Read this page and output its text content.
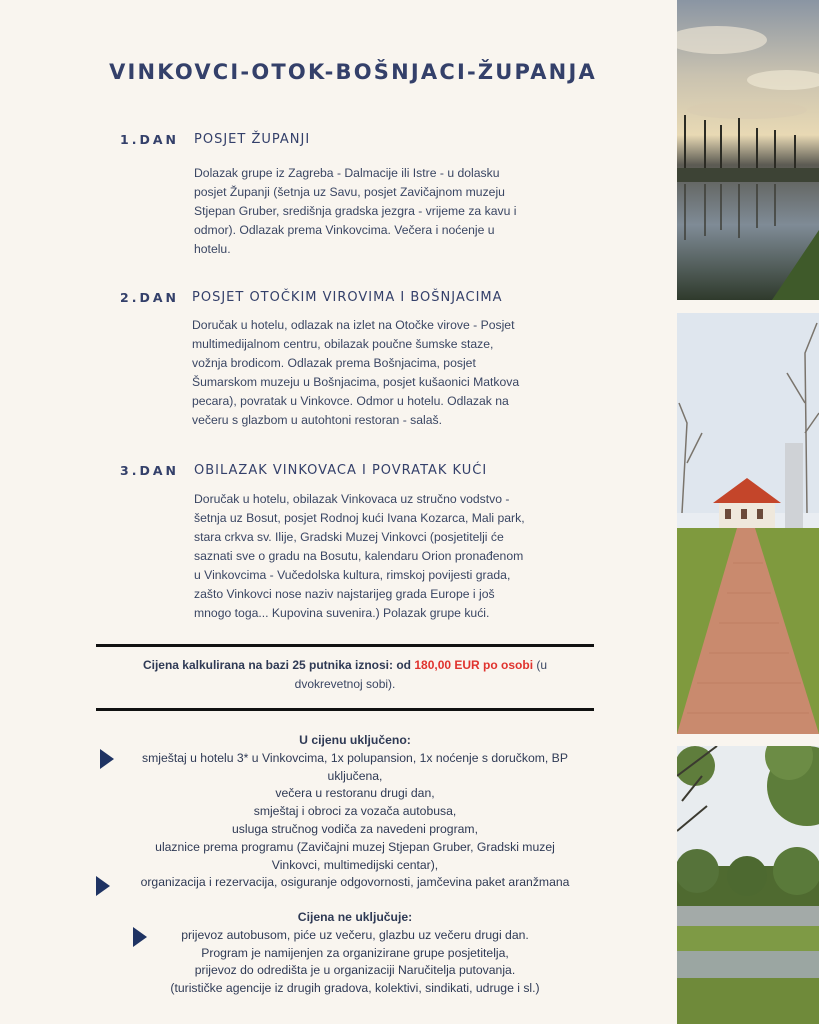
VINKOVCI-OTOK-BOŠNJACI-ŽUPANJA
1.DAN POSJET ŽUPANJI
Dolazak grupe iz Zagreba - Dalmacije ili Istre - u dolasku
posjet Županji (šetnja uz Savu, posjet Zavičajnom muzeju
Stjepan Gruber, središnja gradska jezgra - vrijeme za kavu i
odmor). Odlazak prema Vinkovcima. Večera i noćenje u
hotelu.
2.DAN POSJET OTOČKIM VIROVIMA I BOŠNJACIMA
Doručak u hotelu, odlazak na izlet na Otočke virove - Posjet
multimedijalnom centru, obilazak poučne šumske staze,
vožnja brodicom. Odlazak prema Bošnjacima, posjet
Šumarskom muzeju u Bošnjacima, posjet kušaonici Matkova
pecara), povratak u Vinkovce. Odmor u hotelu. Odlazak na
večeru s glazbom u autohtoni restoran - salaš.
3.DAN OBILAZAK VINKOVACA I POVRATAK KUĆI
Doručak u hotelu, obilazak Vinkovaca uz stručno vodstvo -
šetnja uz Bosut, posjet Rodnoj kući Ivana Kozarca, Mali park,
stara crkva sv. Ilije, Gradski Muzej Vinkovci (posjetitelji će
saznati sve o gradu na Bosutu, kalendaru Orion pronađenom
u Vinkovcima - Vučedolska kultura, rimskoj povijesti grada,
zašto Vinkovci nose naziv najstarijeg grada Europe i još
mnogo toga... Kupovina suvenira.) Polazak grupe kući.
Cijena kalkulirana na bazi 25 putnika iznosi: od 180,00 EUR po osobi (u
dvokrevetnoj sobi).
U cijenu uključeno:
smještaj u hotelu 3* u Vinkovcima, 1x polupansion, 1x noćenje s doručkom, BP
uključena,
večera u restoranu drugi dan,
smještaj i obroci za vozača autobusa,
usluga stručnog vodiča za navedeni program,
ulaznice prema programu (Zavičajni muzej Stjepan Gruber, Gradski muzej
Vinkovci, multimedijski centar),
organizacija i rezervacija, osiguranje odgovornosti, jamčevina paket aranžmana
Cijena ne uključuje:
prijevoz autobusom, piće uz večeru, glazbu uz večeru drugi dan.
Program je namijenjen za organizirane grupe posjetitelja,
prijevoz do odredišta je u organizaciji Naručitelja putovanja.
(turističke agencije iz drugih gradova, kolektivi, sindikati, udruge i sl.)
